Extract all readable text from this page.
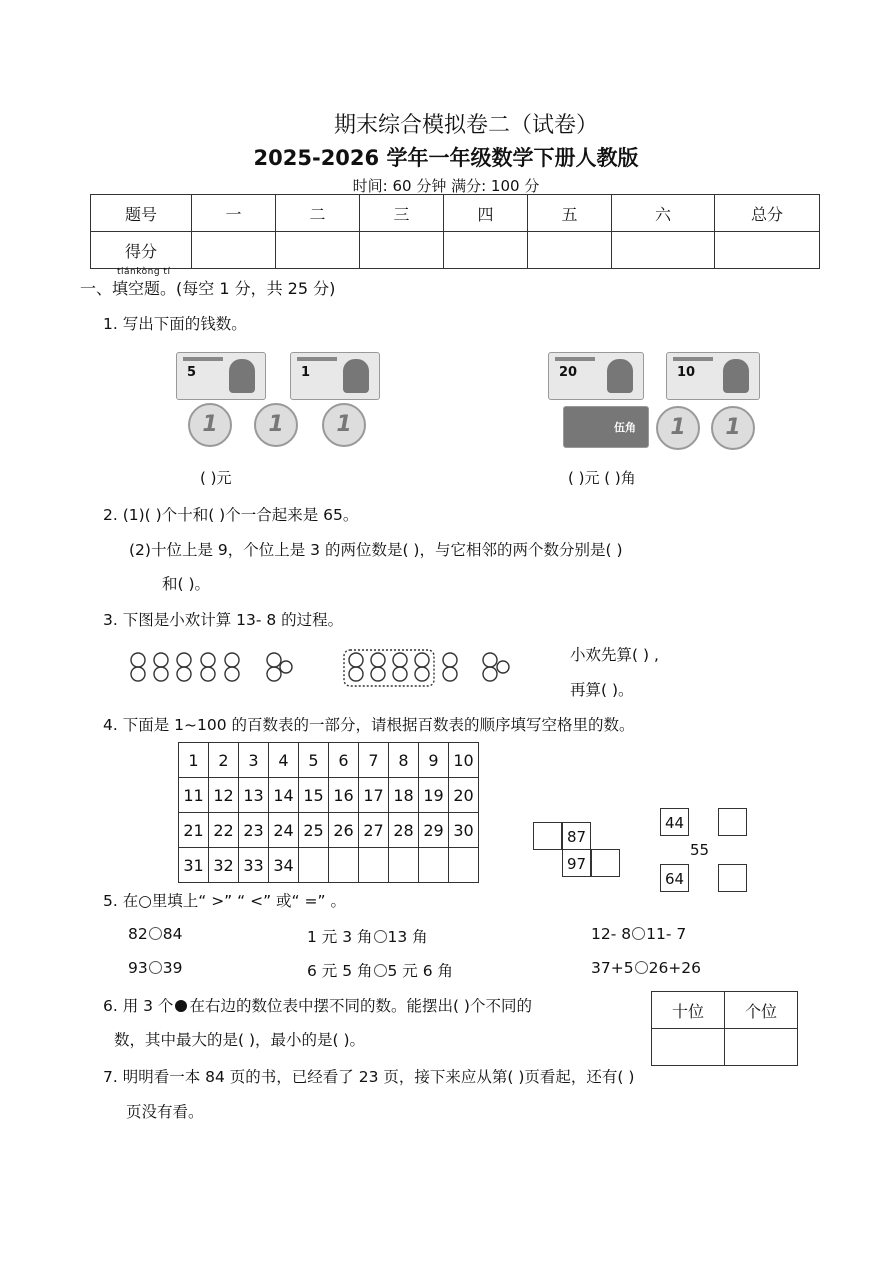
期末综合模拟卷二（试卷）
2025-2026 学年一年级数学下册人教版
时间: 60 分钟 满分: 100 分
题号	一	二	三	四	五	六	总分
得分							
tiánkòng tí
一、填空题。(每空 1 分，共 25 分)
1. 写出下面的钱数。
5	1
1	1	1
20	10
伍角	1	1
( )元	( )元 ( )角
2. (1)( )个十和( )个一合起来是 65。
(2)十位上是 9，个位上是 3 的两位数是( )，与它相邻的两个数分别是( )
和( )。
3. 下图是小欢计算 13- 8 的过程。
小欢先算( ) ,
再算( )。
4. 下面是 1~100 的百数表的一部分，请根据百数表的顺序填写空格里的数。
1	2	3	4	5	6	7	8	9	10
11	12	13	14	15	16	17	18	19	20
21	22	23	24	25	26	27	28	29	30
31	32	33	34						
87
97
44
55
64
5. 在○里填上“ >” “ <” 或“ =” 。
82 84	1 元 3 角 13 角	12- 8 11- 7
93 39	6 元 5 角 5 元 6 角	37+5 26+26
6. 用 3 个 在右边的数位表中摆不同的数。能摆出( )个不同的
数，其中最大的是( )，最小的是( )。
十位	个位

7. 明明看一本 84 页的书，已经看了 23 页，接下来应从第( )页看起，还有( )
页没有看。
